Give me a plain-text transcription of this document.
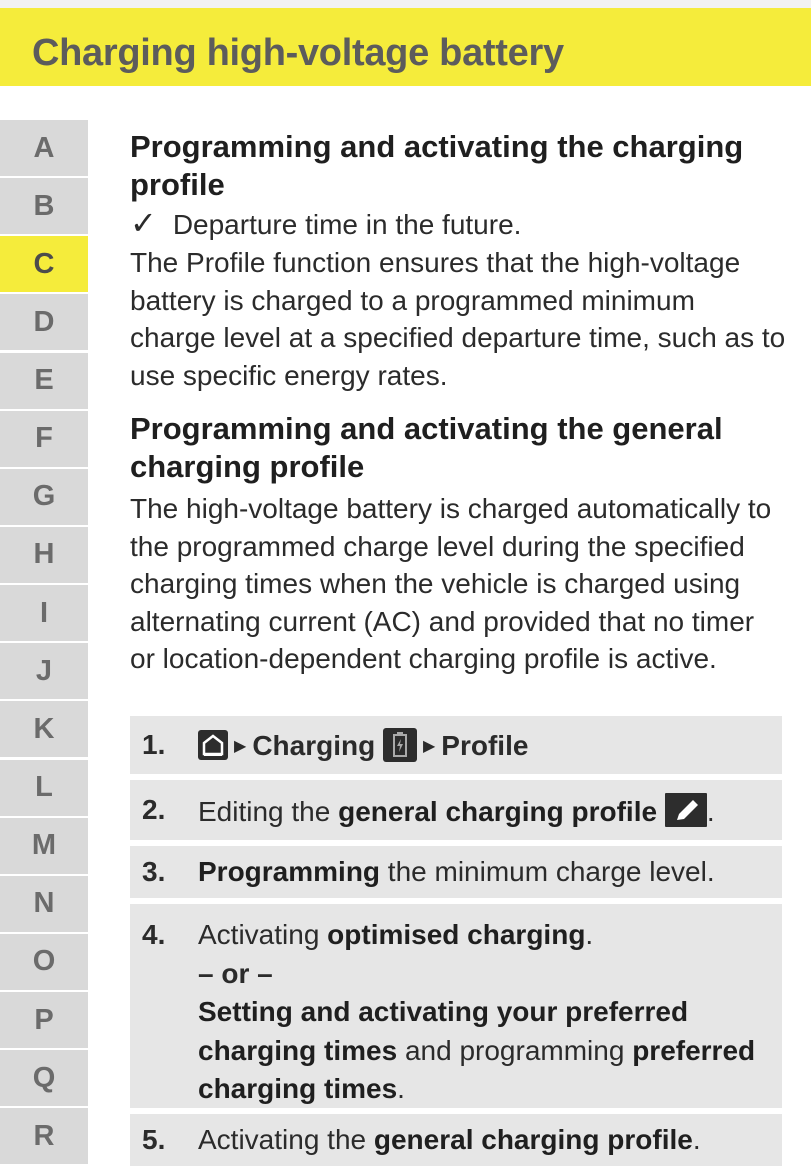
Charging high-voltage battery
A
B
C
D
E
F
G
H
I
J
K
L
M
N
O
P
Q
R
Programming and activating the charging profile
✓ Departure time in the future.

The Profile function ensures that the high-voltage
battery is charged to a programmed minimum
charge level at a specified departure time, such as to
use specific energy rates.

Programming and activating the general charging profile

The high-voltage battery is charged automatically to
the programmed charge level during the specified
charging times when the vehicle is charged using
alternating current (AC) and provided that no timer
or location-dependent charging profile is active.

1.	▶ Charging	▶ Profile
2.	Editing the general charging profile .
3.	Programming the minimum charge level.
4.	Activating optimised charging.
– or –
Setting and activating your preferred charging times and programming preferred charging times.
5.	Activating the general charging profile.
